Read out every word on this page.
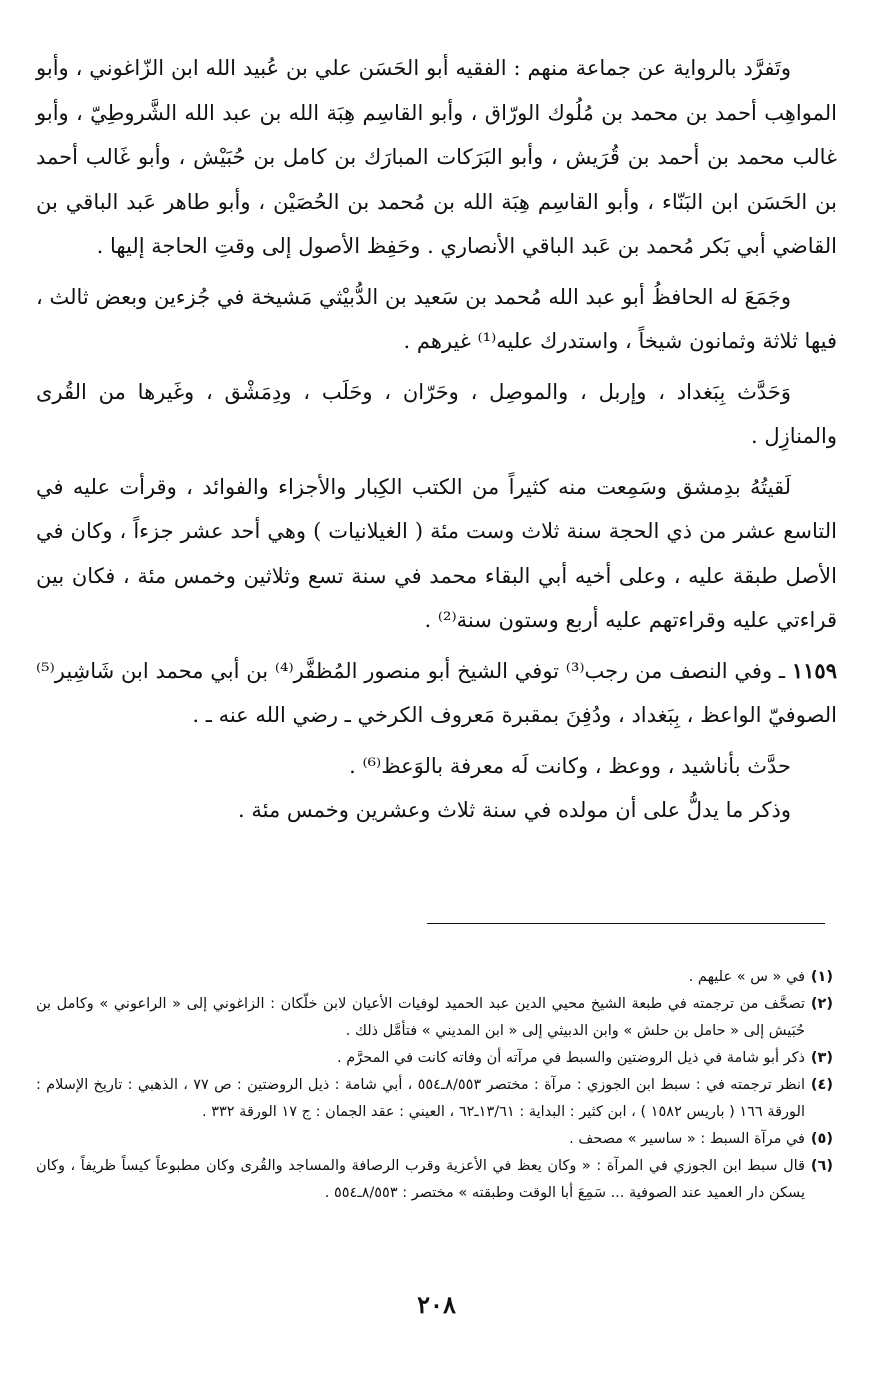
وتَفرَّد بالرواية عن جماعة منهم : الفقيه أبو الحَسَن علي بن عُبيد الله ابن الزّاغوني ، وأبو المواهِب أحمد بن محمد بن مُلُوك الورّاق ، وأبو القاسِم هِبَة الله بن عبد الله الشَّروطِيّ ، وأبو غالب محمد بن أحمد بن قُرَيش ، وأبو البَرَكات المبارَك بن كامل بن حُبَيْش ، وأبو غَالب أحمد بن الحَسَن ابن البَنّاء ، وأبو القاسِم هِبَة الله بن مُحمد بن الحُصَيْن ، وأبو طاهر عَبد الباقي بن القاضي أبي بَكر مُحمد بن عَبد الباقي الأنصاري . وحَفِظ الأصول إلى وقتِ الحاجة إليها .

وجَمَعَ له الحافظُ أبو عبد الله مُحمد بن سَعيد بن الدُّبيْثي مَشيخة في جُزءين وبعض ثالث ، فيها ثلاثة وثمانون شيخاً ، واستدرك عليه⁽¹⁾ غيرهم .

وَحَدَّث بِبَغداد ، وإربل ، والموصِل ، وحَرّان ، وحَلَب ، ودِمَشْق ، وغَيرها من القُرى والمنازِل .

لَقيتُهُ بدِمشق وسَمِعت منه كثيراً من الكتب الكِبار والأجزاء والفوائد ، وقرأت عليه في التاسع عشر من ذي الحجة سنة ثلاث وست مئة ( الغيلانيات ) وهي أحد عشر جزءاً ، وكان في الأصل طبقة عليه ، وعلى أخيه أبي البقاء محمد في سنة تسع وثلاثين وخمس مئة ، فكان بين قراءتي عليه وقراءتهم عليه أربع وستون سنة⁽²⁾ .

١١٥٩ ـ وفي النصف من رجب⁽³⁾ توفي الشيخ أبو منصور المُظفَّر⁽⁴⁾ بن أبي محمد ابن شَاشِير⁽⁵⁾ الصوفيّ الواعظ ، بِبَغداد ، ودُفِنَ بمقبرة مَعروف الكرخي ـ رضي الله عنه ـ .

حدَّث بأناشيد ، ووعظ ، وكانت لَه معرفة بالوَعظ⁽⁶⁾ .

وذكر ما يدلُّ على أن مولده في سنة ثلاث وعشرين وخمس مئة .

(١)
في « س » عليهم .
(٢)
تصحَّف من ترجمته في طبعة الشيخ محيي الدين عبد الحميد لوفيات الأعيان لابن خلّكان : الزاغوني إلى « الراعوني » وكامل بن حُبَيش إلى « حامل بن حلش » وابن الدبيثي إلى « ابن المديني » فتأمَّل ذلك .
(٣)
ذكر أبو شامة في ذيل الروضتين والسبط في مرآته أن وفاته كانت في المحرَّم .
(٤)
انظر ترجمته في : سبط ابن الجوزي : مرآة : مختصر ٨/٥٥٣ـ٥٥٤ ، أبي شامة : ذيل الروضتين : ص ٧٧ ، الذهبي : تاريخ الإسلام : الورقة ١٦٦ ( باريس ١٥٨٢ ) ، ابن كثير : البداية : ١٣/٦١ـ٦٢ ، العيني : عقد الجمان : ج ١٧ الورقة ٣٣٢ .
(٥)
في مرآة السبط : « ساسير » مصحف .
(٦)
قال سبط ابن الجوزي في المرآة : « وكان يعظ في الأعزية وقرب الرصافة والمساجد والقُرى وكان مطبوعاً كيساً ظريفاً ، وكان يسكن دار العميد عند الصوفية ... سَمِعَ أبا الوقت وطبقته » مختصر : ٨/٥٥٣ـ٥٥٤ .
٢٠٨
